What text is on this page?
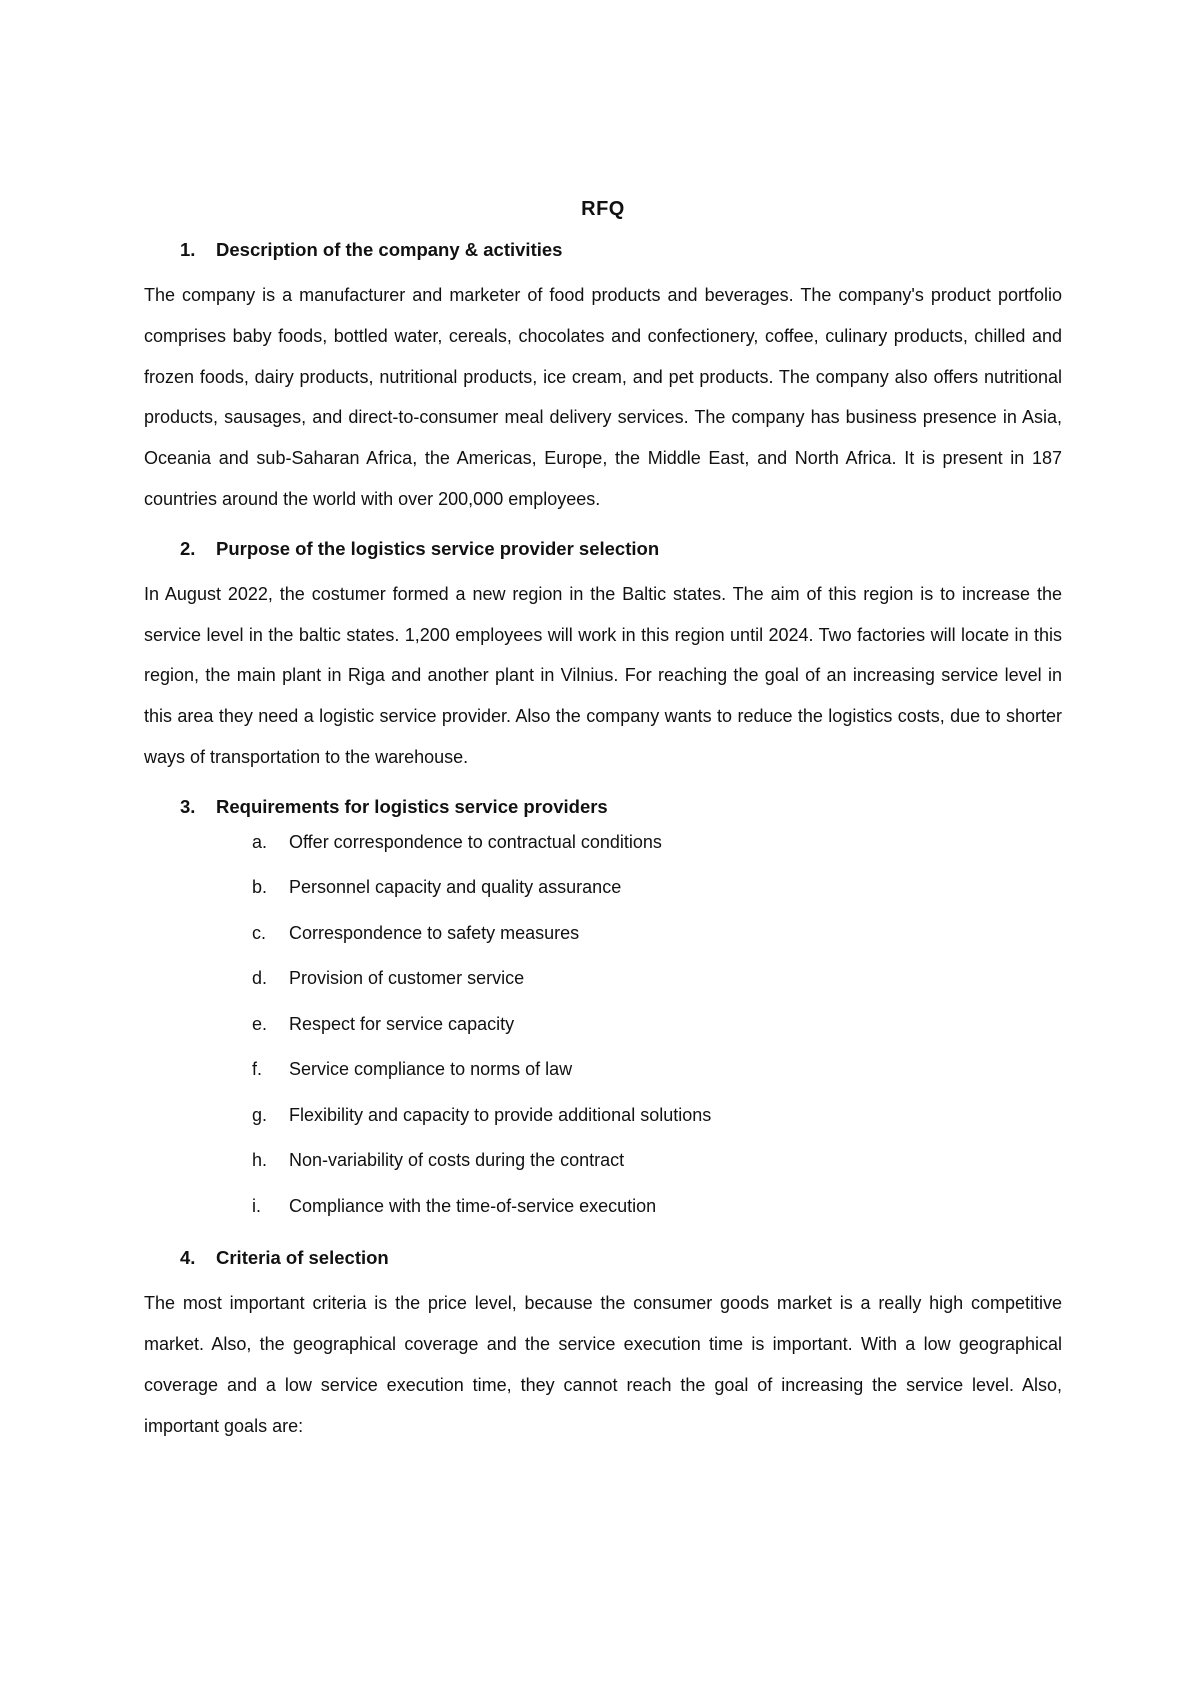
RFQ
1.	Description of the company & activities

The company is a manufacturer and marketer of food products and beverages. The company's product portfolio comprises baby foods, bottled water, cereals, chocolates and confectionery, coffee, culinary products, chilled and frozen foods, dairy products, nutritional products, ice cream, and pet products. The company also offers nutritional products, sausages, and direct-to-consumer meal delivery services. The company has business presence in Asia, Oceania and sub-Saharan Africa, the Americas, Europe, the Middle East, and North Africa. It is present in 187 countries around the world with over 200,000 employees.

2.	Purpose of the logistics service provider selection

In August 2022, the costumer formed a new region in the Baltic states. The aim of this region is to increase the service level in the baltic states. 1,200 employees will work in this region until 2024. Two factories will locate in this region, the main plant in Riga and another plant in Vilnius. For reaching the goal of an increasing service level in this area they need a logistic service provider. Also the company wants to reduce the logistics costs, due to shorter ways of transportation to the warehouse.

3.	Requirements for logistics service providers
a.	Offer correspondence to contractual conditions
b.	Personnel capacity and quality assurance
c.	Correspondence to safety measures
d.	Provision of customer service
e.	Respect for service capacity
f.	Service compliance to norms of law
g.	Flexibility and capacity to provide additional solutions
h.	Non-variability of costs during the contract
i.	Compliance with the time-of-service execution
4.	Criteria of selection

The most important criteria is the price level, because the consumer goods market is a really high competitive market. Also, the geographical coverage and the service execution time is important. With a low geographical coverage and a low service execution time, they cannot reach the goal of increasing the service level. Also, important goals are:
